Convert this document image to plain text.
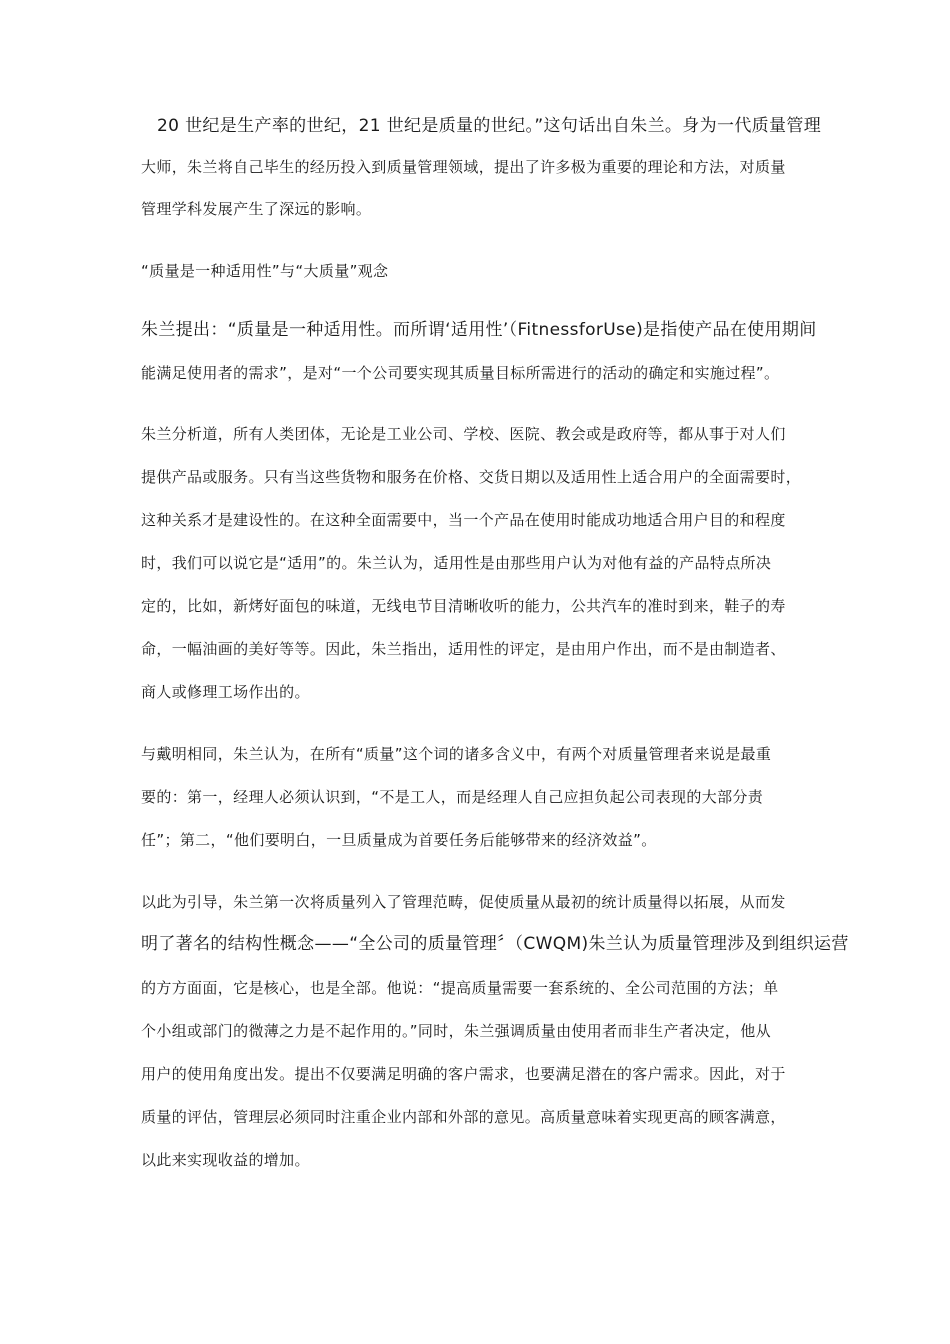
20 世纪是生产率的世纪，21 世纪是质量的世纪。”这句话出自朱兰。身为一代质量管理
大师，朱兰将自己毕生的经历投入到质量管理领域，提出了许多极为重要的理论和方法，对质量
管理学科发展产生了深远的影响。
“质量是一种适用性”与“大质量”观念
朱兰提出：“质量是一种适用性。而所谓‘适用性’（FitnessforUse)是指使产品在使用期间
能满足使用者的需求”，是对“一个公司要实现其质量目标所需进行的活动的确定和实施过程”。
朱兰分析道，所有人类团体，无论是工业公司、学校、医院、教会或是政府等，都从事于对人们
提供产品或服务。只有当这些货物和服务在价格、交货日期以及适用性上适合用户的全面需要时，
这种关系才是建设性的。在这种全面需要中，当一个产品在使用时能成功地适合用户目的和程度
时，我们可以说它是“适用”的。朱兰认为，适用性是由那些用户认为对他有益的产品特点所决
定的，比如，新烤好面包的味道，无线电节目清晰收听的能力，公共汽车的准时到来，鞋子的寿
命，一幅油画的美好等等。因此，朱兰指出，适用性的评定，是由用户作出，而不是由制造者、
商人或修理工场作出的。
与戴明相同，朱兰认为，在所有“质量”这个词的诸多含义中，有两个对质量管理者来说是最重
要的：第一，经理人必须认识到，“不是工人，而是经理人自己应担负起公司表现的大部分责
任”；第二，“他们要明白，一旦质量成为首要任务后能够带来的经济效益”。
以此为引导，朱兰第一次将质量列入了管理范畴，促使质量从最初的统计质量得以拓展，从而发
明了著名的结构性概念——“全公司的质量管理〞（CWQM)朱兰认为质量管理涉及到组织运营
的方方面面，它是核心，也是全部。他说：“提高质量需要一套系统的、全公司范围的方法；单
个小组或部门的微薄之力是不起作用的。”同时，朱兰强调质量由使用者而非生产者决定，他从
用户的使用角度出发。提出不仅要满足明确的客户需求，也要满足潜在的客户需求。因此，对于
质量的评估，管理层必须同时注重企业内部和外部的意见。高质量意味着实现更高的顾客满意，
以此来实现收益的增加。
